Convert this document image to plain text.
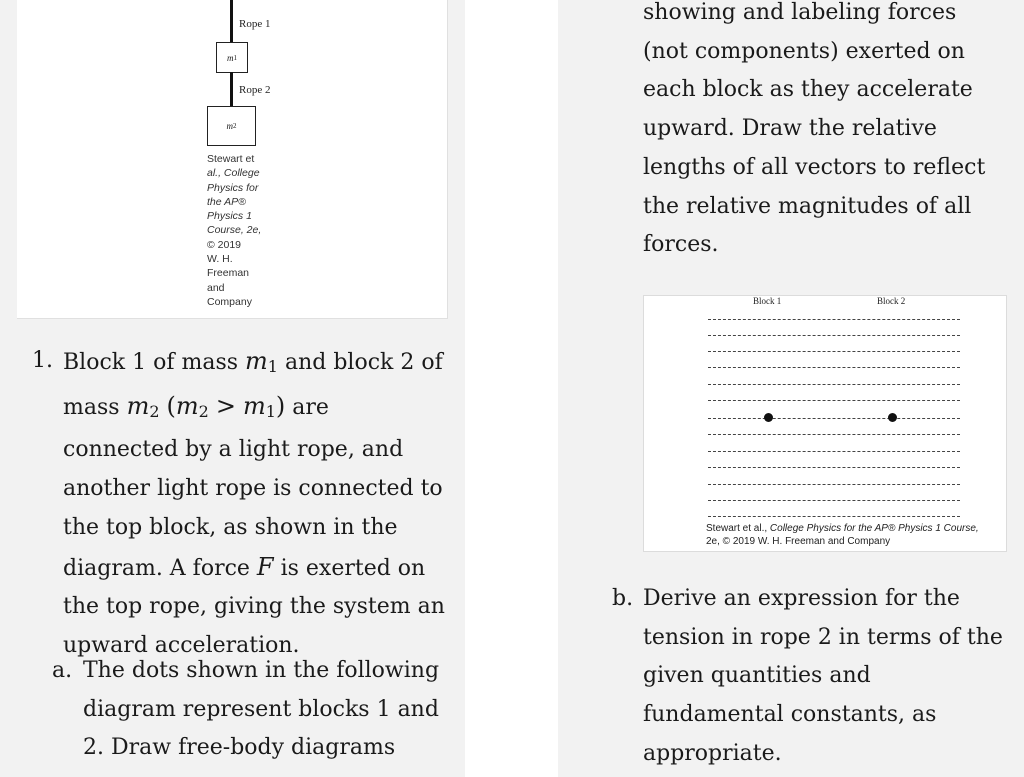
Rope 1
m 1
Rope 2
m 2
Stewart et
al., College
Physics for
the AP®
Physics 1
Course, 2e,
© 2019
W. H.
Freeman
and
Company
1. Block 1 of mass m1 and block 2 of
mass m2 (m2 > m1) are
connected by a light rope, and
another light rope is connected to
the top block, as shown in the
diagram. A force F is exerted on
the top rope, giving the system an
upward acceleration.
a. The dots shown in the following
diagram represent blocks 1 and
2. Draw free-body diagrams
showing and labeling forces
(not components) exerted on
each block as they accelerate
upward. Draw the relative
lengths of all vectors to reflect
the relative magnitudes of all
forces.
Block 1	Block 2
Stewart et al., College Physics for the AP® Physics 1 Course,
2e, © 2019 W. H. Freeman and Company
b. Derive an expression for the
tension in rope 2 in terms of the
given quantities and
fundamental constants, as
appropriate.
